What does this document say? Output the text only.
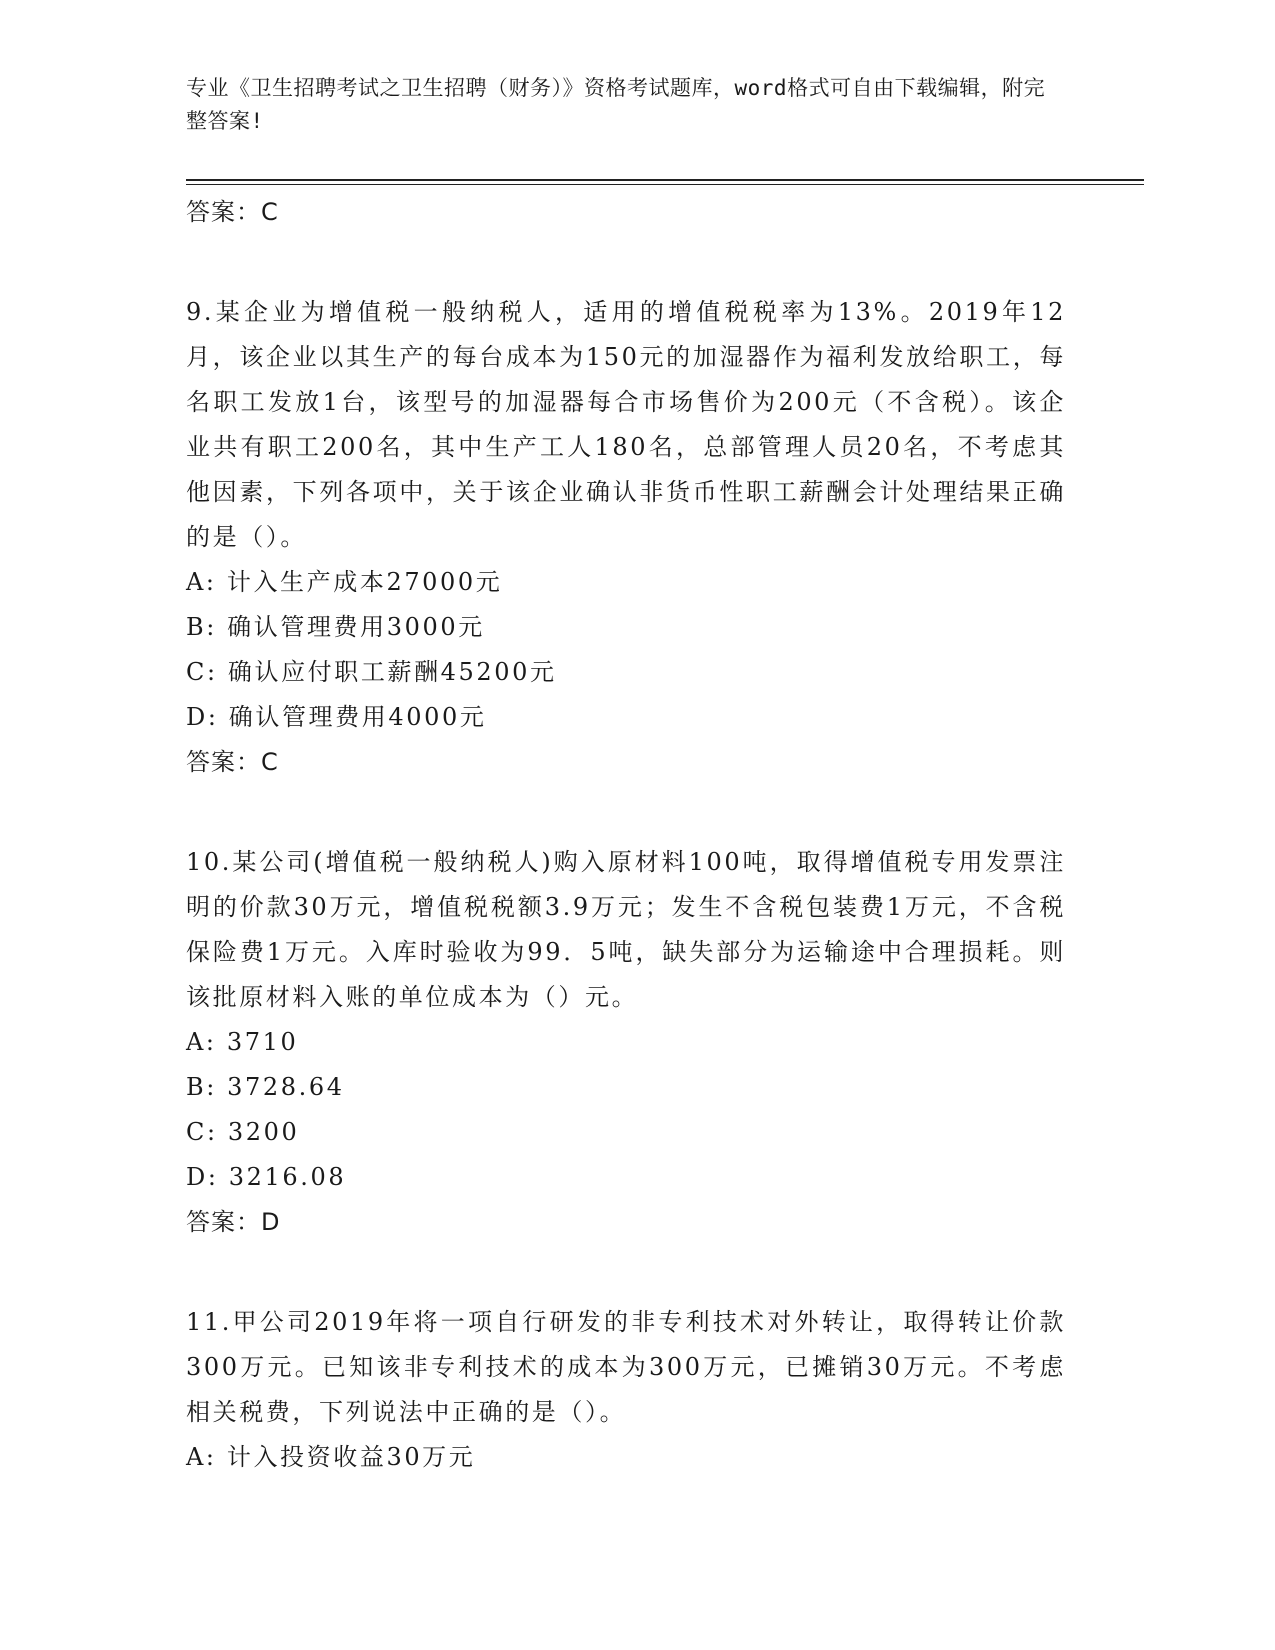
专业《卫生招聘考试之卫生招聘（财务）》资格考试题库，word格式可自由下载编辑，附完整答案!
答案：C
9.某企业为增值税一般纳税人，适用的增值税税率为13%。2019年12月，该企业以其生产的每台成本为150元的加湿器作为福利发放给职工，每名职工发放1台，该型号的加湿器每合市场售价为200元（不含税）。该企业共有职工200名，其中生产工人180名，总部管理人员20名，不考虑其他因素，下列各项中，关于该企业确认非货币性职工薪酬会计处理结果正确的是（）。
A: 计入生产成本27000元
B: 确认管理费用3000元
C: 确认应付职工薪酬45200元
D: 确认管理费用4000元
答案：C
10.某公司(增值税一般纳税人)购入原材料100吨，取得增值税专用发票注明的价款30万元，增值税税额3.9万元；发生不含税包装费1万元，不含税保险费1万元。入库时验收为99．5吨，缺失部分为运输途中合理损耗。则该批原材料入账的单位成本为（）元。
A: 3710
B: 3728.64
C: 3200
D: 3216.08
答案：D
11.甲公司2019年将一项自行研发的非专利技术对外转让，取得转让价款300万元。已知该非专利技术的成本为300万元，已摊销30万元。不考虑相关税费，下列说法中正确的是（）。
A: 计入投资收益30万元
